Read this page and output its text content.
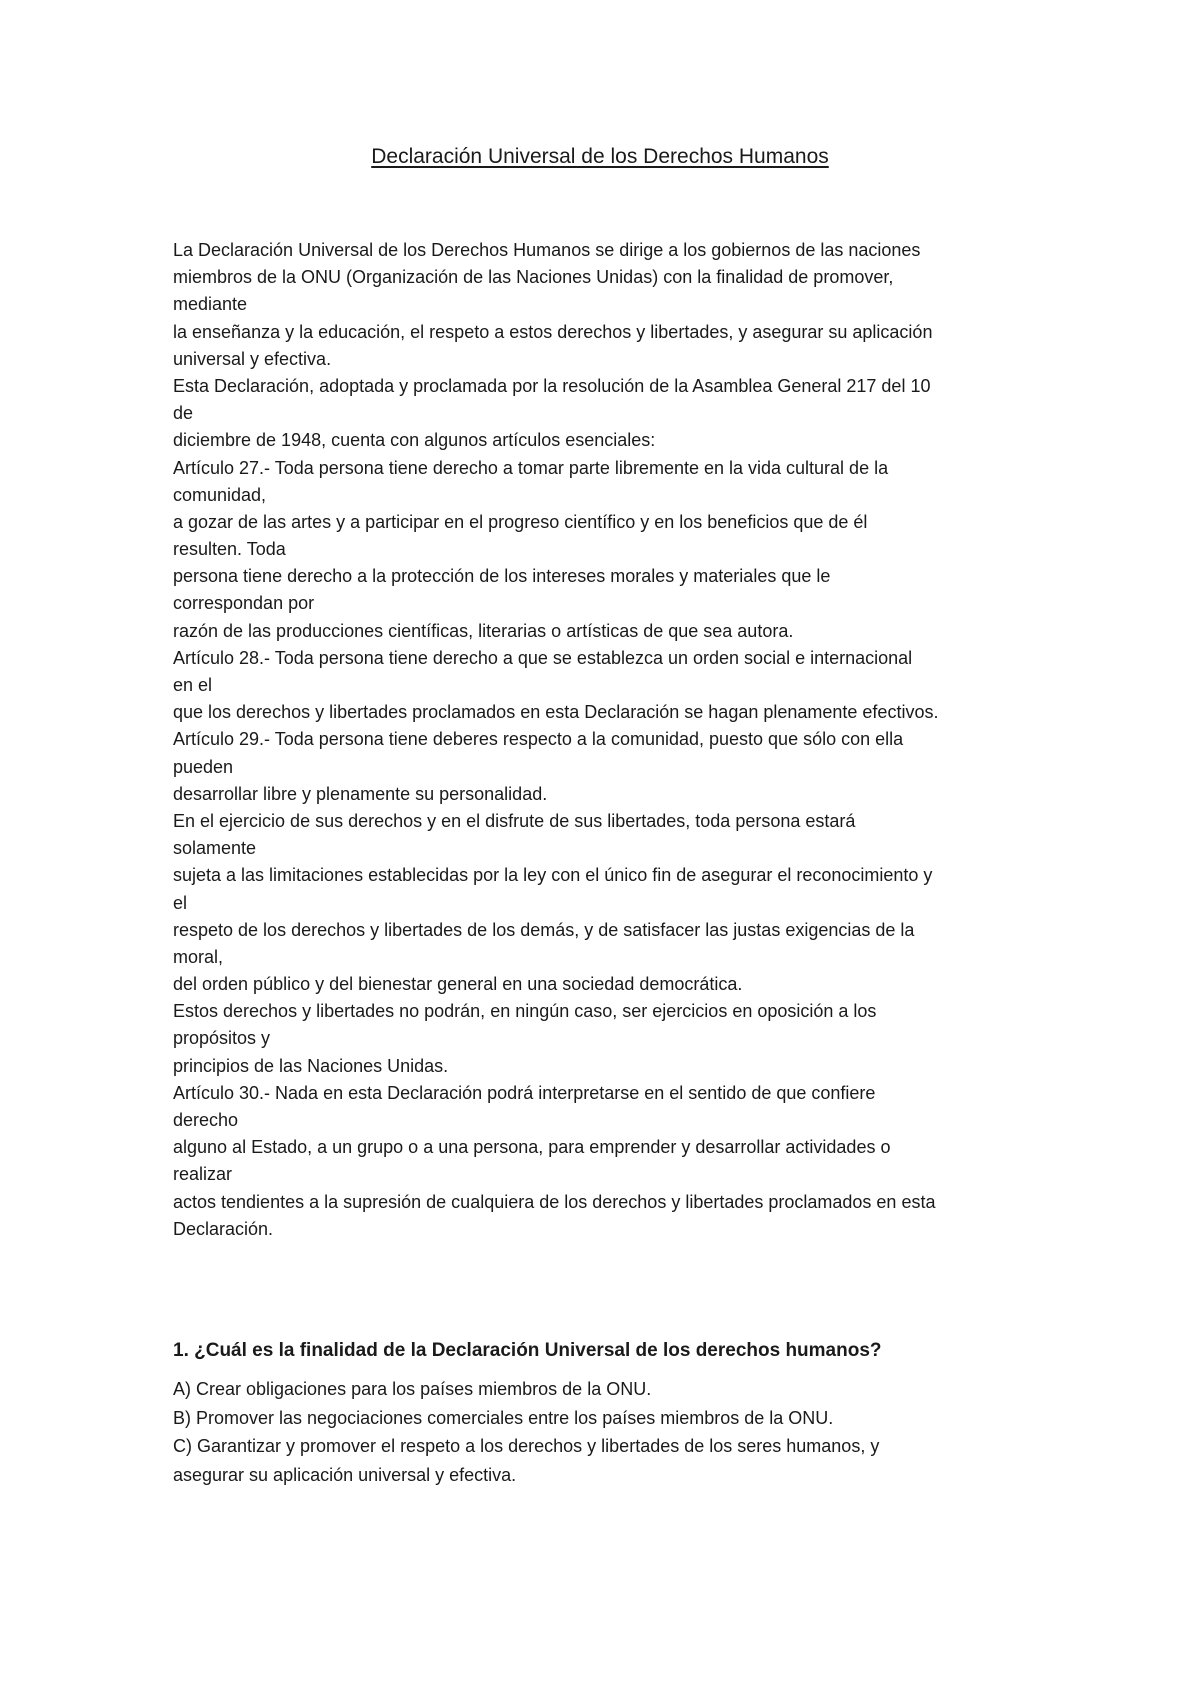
Declaración Universal de los Derechos Humanos
La Declaración Universal de los Derechos Humanos se dirige a los gobiernos de las naciones
miembros de la ONU (Organización de las Naciones Unidas) con la finalidad de promover,
mediante
la enseñanza y la educación, el respeto a estos derechos y libertades, y asegurar su aplicación
universal y efectiva.
Esta Declaración, adoptada y proclamada por la resolución de la Asamblea General 217 del 10
de
diciembre de 1948, cuenta con algunos artículos esenciales:
Artículo 27.- Toda persona tiene derecho a tomar parte libremente en la vida cultural de la
comunidad,
a gozar de las artes y a participar en el progreso científico y en los beneficios que de él
resulten. Toda
persona tiene derecho a la protección de los intereses morales y materiales que le
correspondan por
razón de las producciones científicas, literarias o artísticas de que sea autora.
Artículo 28.- Toda persona tiene derecho a que se establezca un orden social e internacional
en el
que los derechos y libertades proclamados en esta Declaración se hagan plenamente efectivos.
Artículo 29.- Toda persona tiene deberes respecto a la comunidad, puesto que sólo con ella
pueden
desarrollar libre y plenamente su personalidad.
En el ejercicio de sus derechos y en el disfrute de sus libertades, toda persona estará
solamente
sujeta a las limitaciones establecidas por la ley con el único fin de asegurar el reconocimiento y
el
respeto de los derechos y libertades de los demás, y de satisfacer las justas exigencias de la
moral,
del orden público y del bienestar general en una sociedad democrática.
Estos derechos y libertades no podrán, en ningún caso, ser ejercicios en oposición a los
propósitos y
principios de las Naciones Unidas.
Artículo 30.- Nada en esta Declaración podrá interpretarse en el sentido de que confiere
derecho
alguno al Estado, a un grupo o a una persona, para emprender y desarrollar actividades o
realizar
actos tendientes a la supresión de cualquiera de los derechos y libertades proclamados en esta
Declaración.

1. ¿Cuál es la finalidad de la Declaración Universal de los derechos humanos?

A) Crear obligaciones para los países miembros de la ONU.
B) Promover las negociaciones comerciales entre los países miembros de la ONU.
C) Garantizar y promover el respeto a los derechos y libertades de los seres humanos, y
asegurar su aplicación universal y efectiva.
